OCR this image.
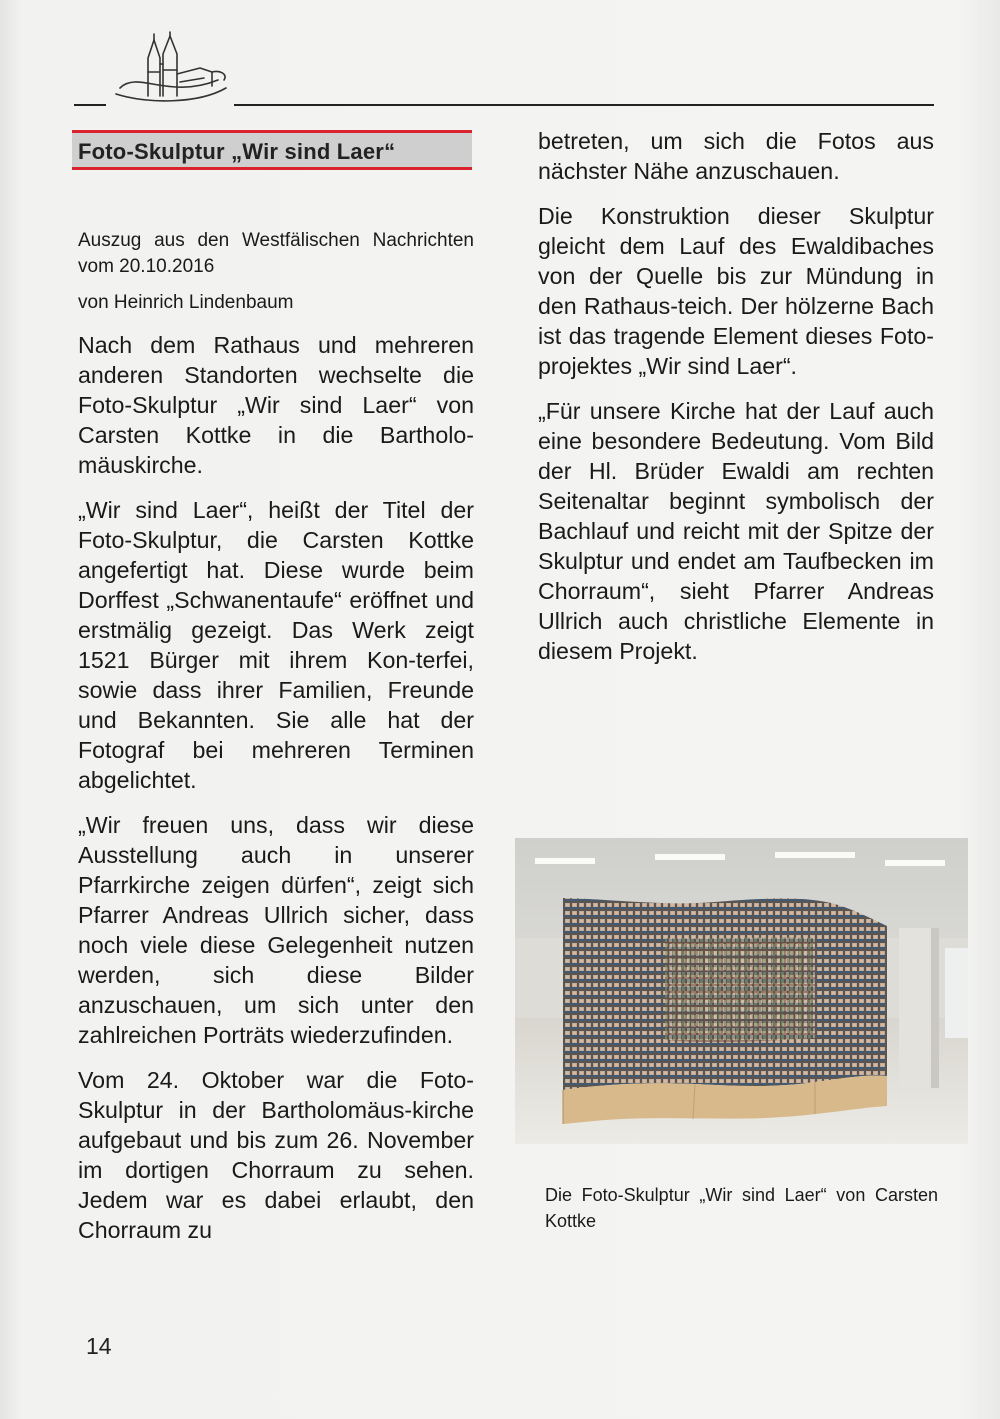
Foto-Skulptur „Wir sind Laer“

Auszug aus den Westfälischen Nachrichten vom 20.10.2016

von Heinrich Lindenbaum

Nach dem Rathaus und mehreren anderen Standorten wechselte die Foto-Skulptur „Wir sind Laer“ von Carsten Kottke in die Bartholo-mäuskirche.

„Wir sind Laer“, heißt der Titel der Foto-Skulptur, die Carsten Kottke angefertigt hat. Diese wurde beim Dorffest „Schwanentaufe“ eröffnet und erstmälig gezeigt. Das Werk zeigt 1521 Bürger mit ihrem Kon-terfei, sowie dass ihrer Familien, Freunde und Bekannten. Sie alle hat der Fotograf bei mehreren Terminen abgelichtet.

„Wir freuen uns, dass wir diese Ausstellung auch in unserer Pfarrkirche zeigen dürfen“, zeigt sich Pfarrer Andreas Ullrich sicher, dass noch viele diese Gelegenheit nutzen werden, sich diese Bilder anzuschauen, um sich unter den zahlreichen Porträts wiederzufinden.

Vom 24. Oktober war die Foto-Skulptur in der Bartholomäus-kirche aufgebaut und bis zum 26. November im dortigen Chorraum zu sehen. Jedem war es dabei erlaubt, den Chorraum zu

betreten, um sich die Fotos aus nächster Nähe anzuschauen.

Die Konstruktion dieser Skulptur gleicht dem Lauf des Ewaldibaches von der Quelle bis zur Mündung in den Rathaus-teich. Der hölzerne Bach ist das tragende Element dieses Foto-projektes „Wir sind Laer“.

„Für unsere Kirche hat der Lauf auch eine besondere Bedeutung. Vom Bild der Hl. Brüder Ewaldi am rechten Seitenaltar beginnt symbolisch der Bachlauf und reicht mit der Spitze der Skulptur und endet am Taufbecken im Chorraum“, sieht Pfarrer Andreas Ullrich auch christliche Elemente in diesem Projekt.

Die Foto-Skulptur „Wir sind Laer“ von Carsten Kottke

14
